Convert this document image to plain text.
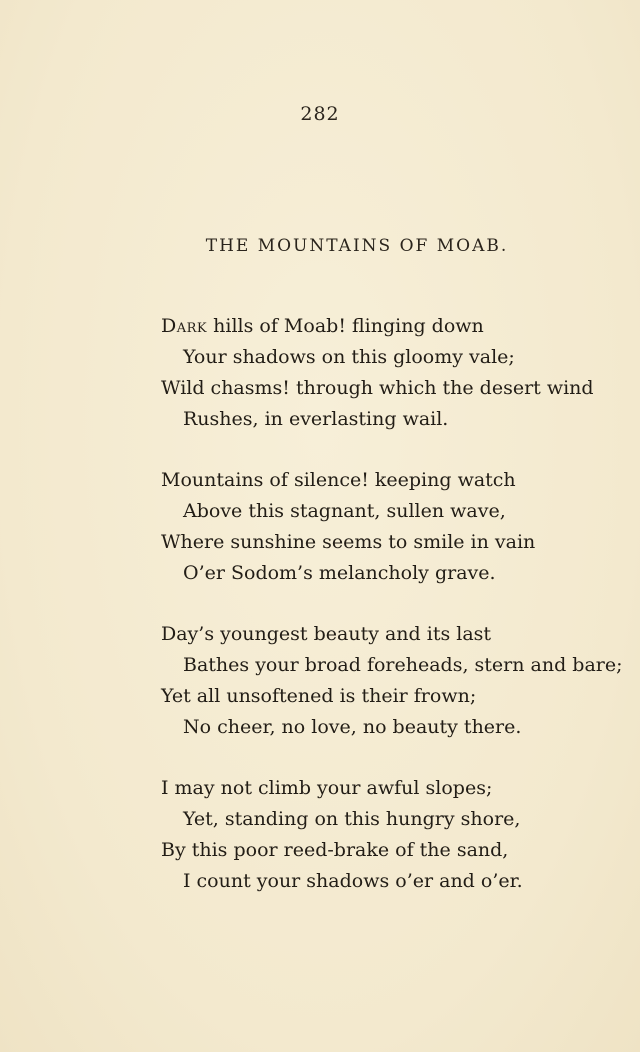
282
THE MOUNTAINS OF MOAB.
Dark hills of Moab! flinging down
Your shadows on this gloomy vale;
Wild chasms! through which the desert wind
Rushes, in everlasting wail.
Mountains of silence! keeping watch
Above this stagnant, sullen wave,
Where sunshine seems to smile in vain
O’er Sodom’s melancholy grave.
Day’s youngest beauty and its last
Bathes your broad foreheads, stern and bare;
Yet all unsoftened is their frown;
No cheer, no love, no beauty there.
I may not climb your awful slopes;
Yet, standing on this hungry shore,
By this poor reed-brake of the sand,
I count your shadows o’er and o’er.
